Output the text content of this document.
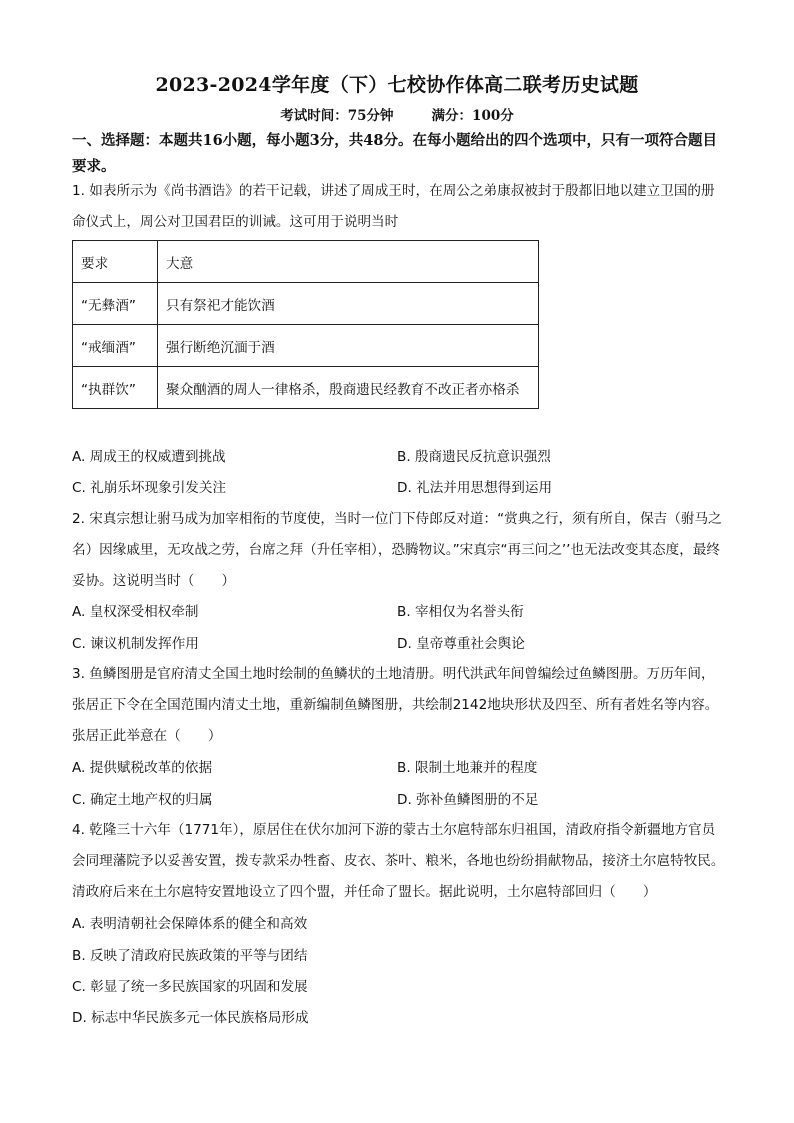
2023-2024学年度（下）七校协作体高二联考历史试题
考试时间：75分钟	满分：100分
一、选择题：本题共16小题，每小题3分，共48分。在每小题给出的四个选项中，只有一项符合题目要求。
1. 如表所示为《尚书酒诰》的若干记载，讲述了周成王时，在周公之弟康叔被封于殷都旧地以建立卫国的册命仪式上，周公对卫国君臣的训诫。这可用于说明当时
要求	大意
“无彝酒”	只有祭祀才能饮酒
“戒缅酒”	强行断绝沉湎于酒
“执群饮”	聚众酗酒的周人一律格杀，殷商遗民经教育不改正者亦格杀
A. 周成王的权威遭到挑战	B. 殷商遗民反抗意识强烈
C. 礼崩乐坏现象引发关注	D. 礼法并用思想得到运用
2. 宋真宗想让驸马成为加宰相衔的节度使，当时一位门下侍郎反对道：“赏典之行，须有所自，保吉（驸马之名）因缘戚里，无攻战之劳，台席之拜（升任宰相），恐腾物议。”宋真宗“再三问之’’也无法改变其态度，最终妥协。这说明当时（　　）
A. 皇权深受相权牵制	B. 宰相仅为名誉头衔
C. 谏议机制发挥作用	D. 皇帝尊重社会舆论
3. 鱼鳞图册是官府清丈全国土地时绘制的鱼鳞状的土地清册。明代洪武年间曾编绘过鱼鳞图册。万历年间，张居正下令在全国范围内清丈土地，重新编制鱼鳞图册，共绘制2142地块形状及四至、所有者姓名等内容。张居正此举意在（　　）
A. 提供赋税改革的依据	B. 限制土地兼并的程度
C. 确定土地产权的归属	D. 弥补鱼鳞图册的不足
4. 乾隆三十六年（1771年），原居住在伏尔加河下游的蒙古土尔扈特部东归祖国，清政府指令新疆地方官员会同理藩院予以妥善安置，拨专款采办牲畜、皮衣、茶叶、粮米，各地也纷纷捐献物品，接济土尔扈特牧民。清政府后来在土尔扈特安置地设立了四个盟，并任命了盟长。据此说明，土尔扈特部回归（　　）
A. 表明清朝社会保障体系的健全和高效
B. 反映了清政府民族政策的平等与团结
C. 彰显了统一多民族国家的巩固和发展
D. 标志中华民族多元一体民族格局形成
